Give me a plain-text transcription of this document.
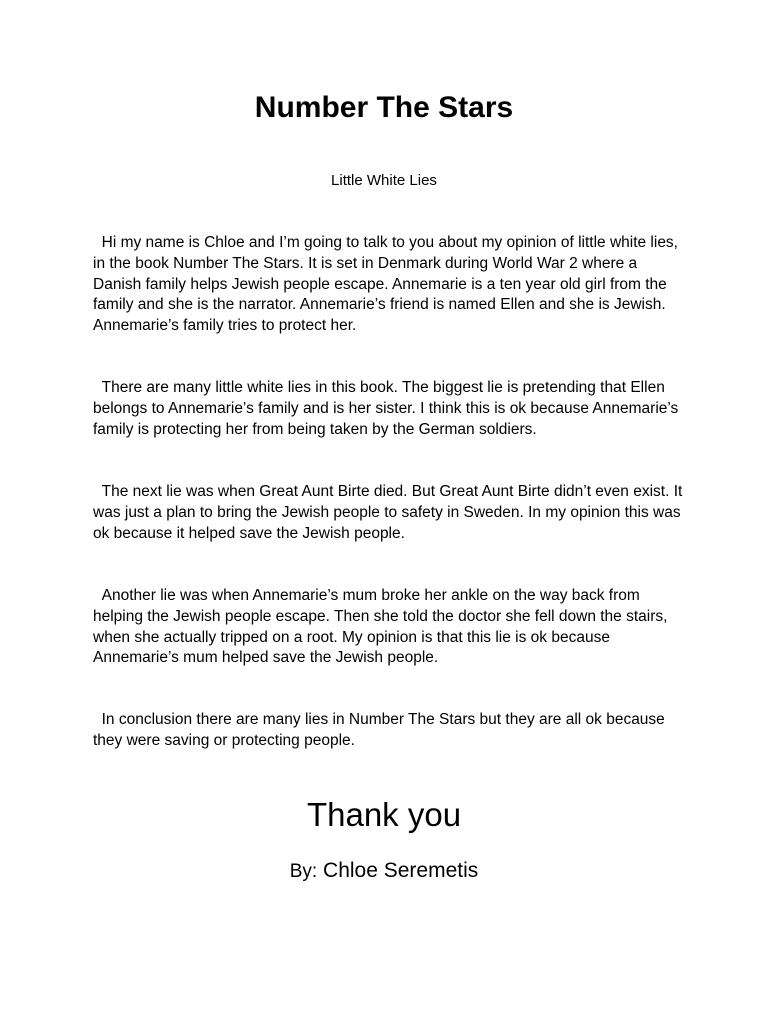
Number The Stars
Little White Lies

Hi my name is Chloe and I’m going to talk to you about my opinion of little white lies, in the book Number The Stars. It is set in Denmark during World War 2 where a Danish family helps Jewish people escape. Annemarie is a ten year old girl from the family and she is the narrator. Annemarie’s friend is named Ellen and she is Jewish. Annemarie’s family tries to protect her.

There are many little white lies in this book. The biggest lie is pretending that Ellen belongs to Annemarie’s family and is her sister. I think this is ok because Annemarie’s family is protecting her from being taken by the German soldiers.

The next lie was when Great Aunt Birte died. But Great Aunt Birte didn’t even exist. It was just a plan to bring the Jewish people to safety in Sweden. In my opinion this was ok because it helped save the Jewish people.

Another lie was when Annemarie’s mum broke her ankle on the way back from helping the Jewish people escape. Then she told the doctor she fell down the stairs, when she actually tripped on a root. My opinion is that this lie is ok because Annemarie’s mum helped save the Jewish people.

In conclusion there are many lies in Number The Stars but they are all ok because they were saving or protecting people.

Thank you
By: Chloe Seremetis
